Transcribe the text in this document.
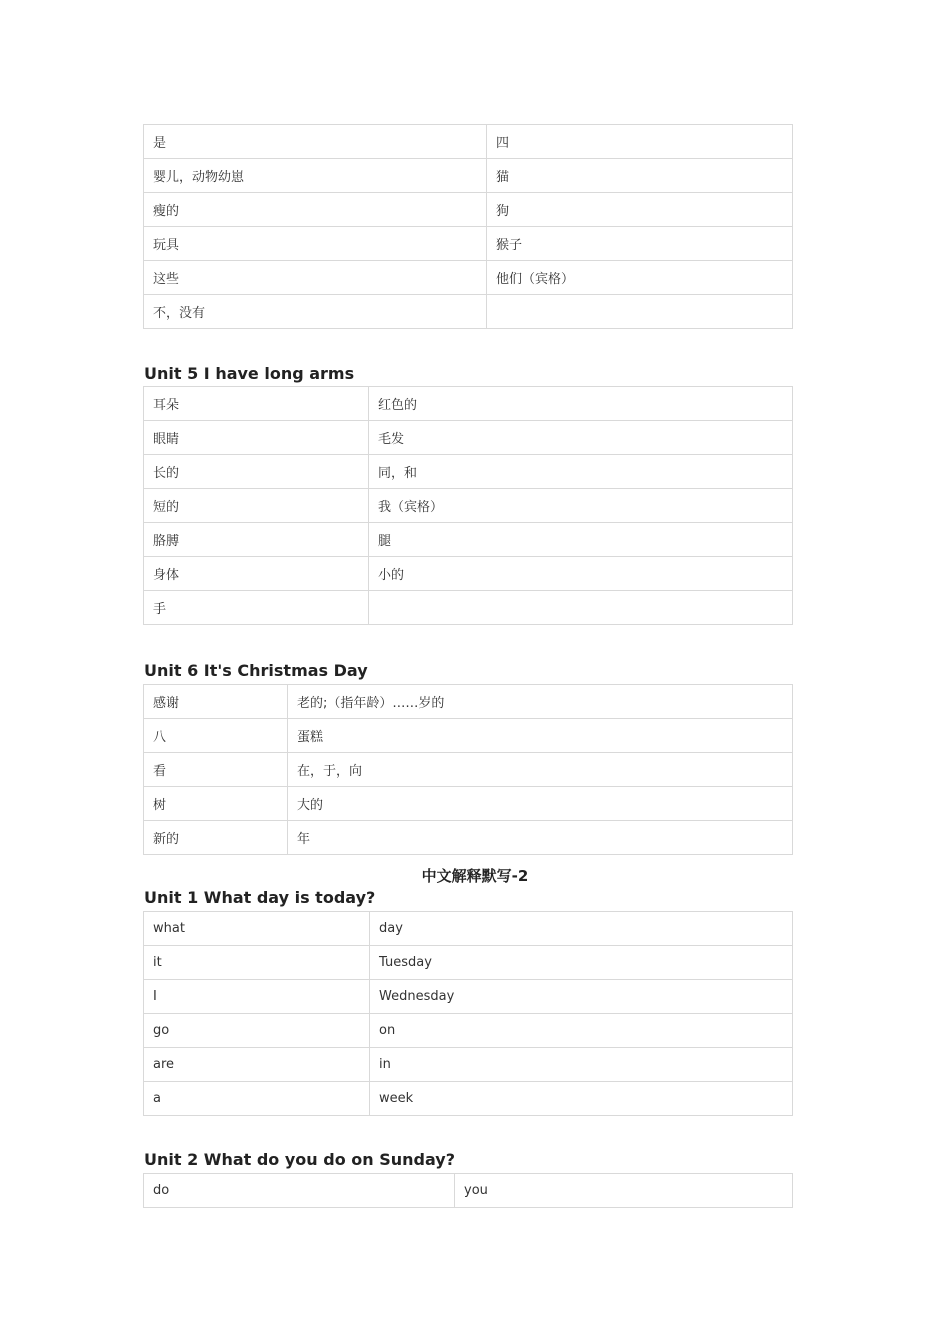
是	四
婴儿，动物幼崽	猫
瘦的	狗
玩具	猴子
这些	他们（宾格）
不，没有	
Unit 5 I have long arms
耳朵	红色的
眼睛	毛发
长的	同，和
短的	我（宾格）
胳膊	腿
身体	小的
手	
Unit 6 It's Christmas Day
感谢	老的;（指年龄）……岁的
八	蛋糕
看	在，于，向
树	大的
新的	年
中文解释默写-2
Unit 1 What day is today?
what	day
it	Tuesday
I	Wednesday
go	on
are	in
a	week
Unit 2 What do you do on Sunday?
do	you
